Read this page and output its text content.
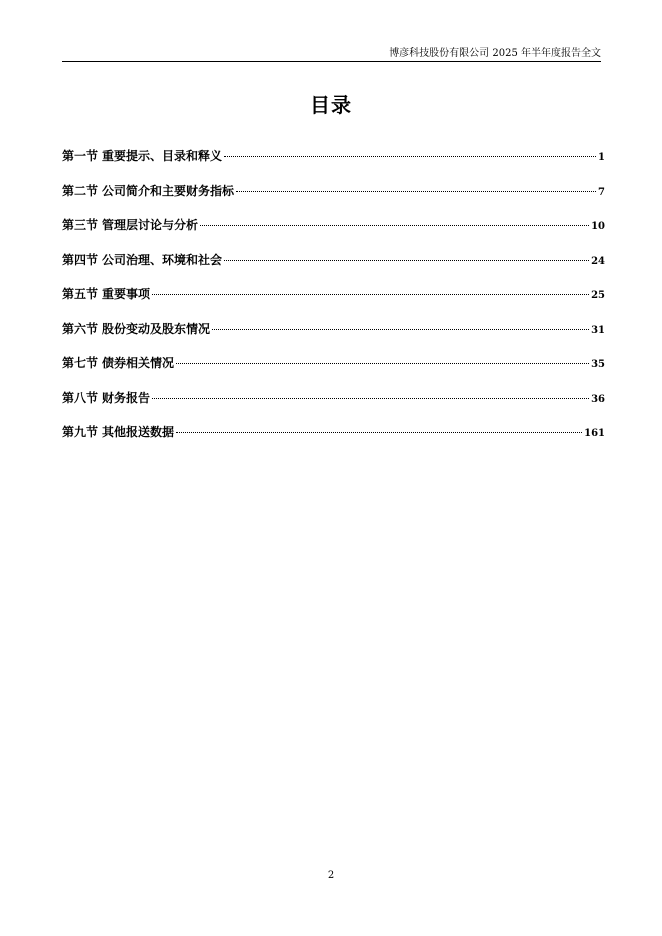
博彦科技股份有限公司 2025 年半年度报告全文
目录
第一节 重要提示、目录和释义	1
第二节 公司简介和主要财务指标	7
第三节 管理层讨论与分析	10
第四节 公司治理、环境和社会	24
第五节 重要事项	25
第六节 股份变动及股东情况	31
第七节 债券相关情况	35
第八节 财务报告	36
第九节 其他报送数据	161
2
